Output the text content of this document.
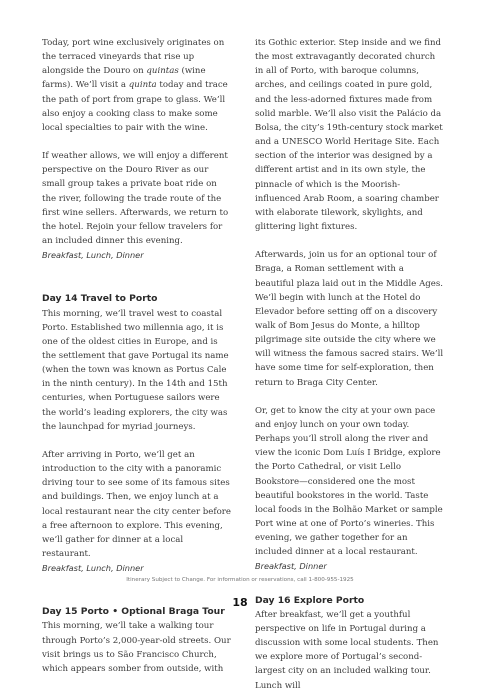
Today, port wine exclusively originates on the terraced vineyards that rise up alongside the Douro on quintas (wine farms). We’ll visit a quinta today and trace the path of port from grape to glass. We’ll also enjoy a cooking class to make some local specialties to pair with the wine.

If weather allows, we will enjoy a different perspective on the Douro River as our small group takes a private boat ride on the river, following the trade route of the first wine sellers. Afterwards, we return to the hotel. Rejoin your fellow travelers for an included dinner this evening.

Breakfast, Lunch, Dinner

Day 14 Travel to Porto

This morning, we’ll travel west to coastal Porto. Established two millennia ago, it is one of the oldest cities in Europe, and is the settlement that gave Portugal its name (when the town was known as Portus Cale in the ninth century). In the 14th and 15th centuries, when Portuguese sailors were the world’s leading explorers, the city was the launchpad for myriad journeys.

After arriving in Porto, we’ll get an introduction to the city with a panoramic driving tour to see some of its famous sites and buildings. Then, we enjoy lunch at a local restaurant near the city center before a free afternoon to explore. This evening, we’ll gather for dinner at a local restaurant.

Breakfast, Lunch, Dinner

Day 15 Porto • Optional Braga Tour

This morning, we’ll take a walking tour through Porto’s 2,000-year-old streets. Our visit brings us to São Francisco Church, which appears somber from outside, with

its Gothic exterior. Step inside and we find the most extravagantly decorated church in all of Porto, with baroque columns, arches, and ceilings coated in pure gold, and the less-adorned fixtures made from solid marble. We’ll also visit the Palácio da Bolsa, the city’s 19th-century stock market and a UNESCO World Heritage Site. Each section of the interior was designed by a different artist and in its own style, the pinnacle of which is the Moorish-influenced Arab Room, a soaring chamber with elaborate tilework, skylights, and glittering light fixtures.

Afterwards, join us for an optional tour of Braga, a Roman settlement with a beautiful plaza laid out in the Middle Ages. We’ll begin with lunch at the Hotel do Elevador before setting off on a discovery walk of Bom Jesus do Monte, a hilltop pilgrimage site outside the city where we will witness the famous sacred stairs. We’ll have some time for self-exploration, then return to Braga City Center.

Or, get to know the city at your own pace and enjoy lunch on your own today. Perhaps you’ll stroll along the river and view the iconic Dom Luís I Bridge, explore the Porto Cathedral, or visit Lello Bookstore—considered one the most beautiful bookstores in the world. Taste local foods in the Bolhão Market or sample Port wine at one of Porto’s wineries. This evening, we gather together for an included dinner at a local restaurant.

Breakfast, Dinner

Day 16 Explore Porto

After breakfast, we’ll get a youthful perspective on life in Portugal during a discussion with some local students. Then we explore more of Portugal’s second-largest city on an included walking tour. Lunch will

Itinerary Subject to Change. For information or reservations, call 1-800-955-1925
18
